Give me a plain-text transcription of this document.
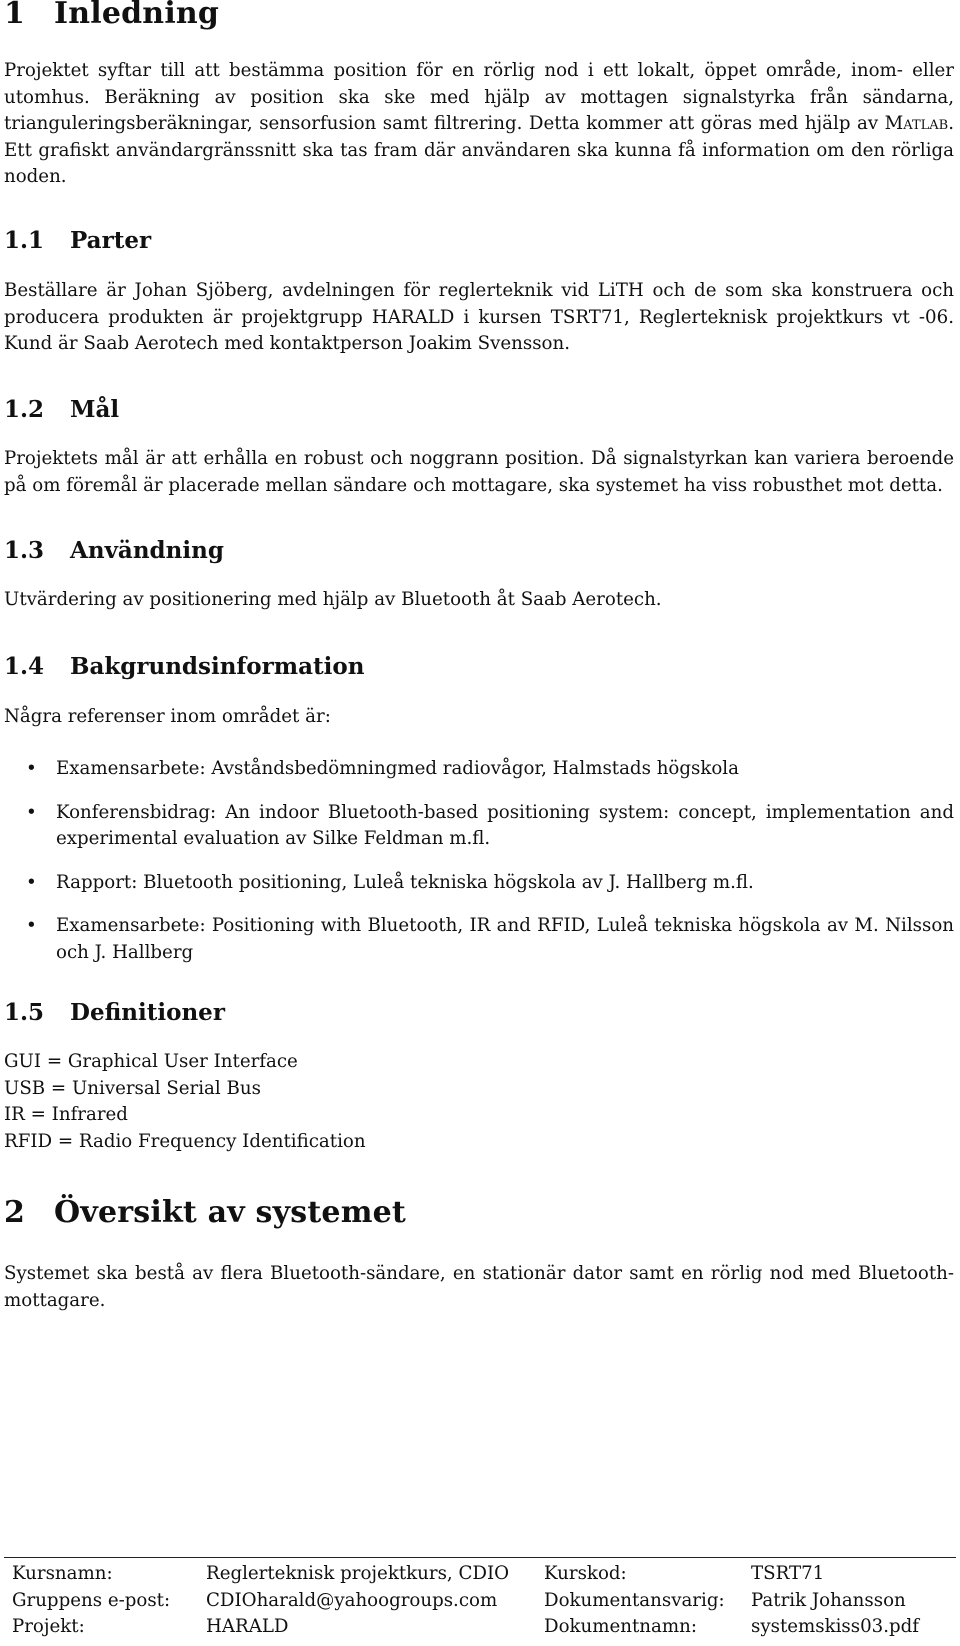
1 Inledning

Projektet syftar till att bestämma position för en rörlig nod i ett lokalt, öppet område, inom- eller utomhus. Beräkning av position ska ske med hjälp av mottagen signalstyrka från sändarna, trianguleringsberäkningar, sensorfusion samt filtrering. Detta kommer att göras med hjälp av Matlab. Ett grafiskt användargränssnitt ska tas fram där användaren ska kunna få information om den rörliga noden.

1.1 Parter

Beställare är Johan Sjöberg, avdelningen för reglerteknik vid LiTH och de som ska konstruera och producera produkten är projektgrupp HARALD i kursen TSRT71, Reglerteknisk projektkurs vt -06. Kund är Saab Aerotech med kontaktperson Joakim Svensson.

1.2 Mål

Projektets mål är att erhålla en robust och noggrann position. Då signalstyrkan kan variera beroende på om föremål är placerade mellan sändare och mottagare, ska systemet ha viss robusthet mot detta.

1.3 Användning

Utvärdering av positionering med hjälp av Bluetooth åt Saab Aerotech.

1.4 Bakgrundsinformation

Några referenser inom området är:

• Examensarbete: Avståndsbedömningmed radiovågor, Halmstads högskola
• Konferensbidrag: An indoor Bluetooth-based positioning system: concept, implementation and experimental evaluation av Silke Feldman m.fl.
• Rapport: Bluetooth positioning, Luleå tekniska högskola av J. Hallberg m.fl.
• Examensarbete: Positioning with Bluetooth, IR and RFID, Luleå tekniska högskola av M. Nilsson och J. Hallberg
1.5 Definitioner
GUI = Graphical User Interface
USB = Universal Serial Bus
IR = Infrared
RFID = Radio Frequency Identification
2 Översikt av systemet

Systemet ska bestå av flera Bluetooth-sändare, en stationär dator samt en rörlig nod med Bluetooth-mottagare.

Kursnamn:	Reglerteknisk projektkurs, CDIO	Kurskod:	TSRT71
Gruppens e-post:	CDIOharald@yahoogroups.com	Dokumentansvarig:	Patrik Johansson
Projekt:	HARALD	Dokumentnamn:	systemskiss03.pdf
